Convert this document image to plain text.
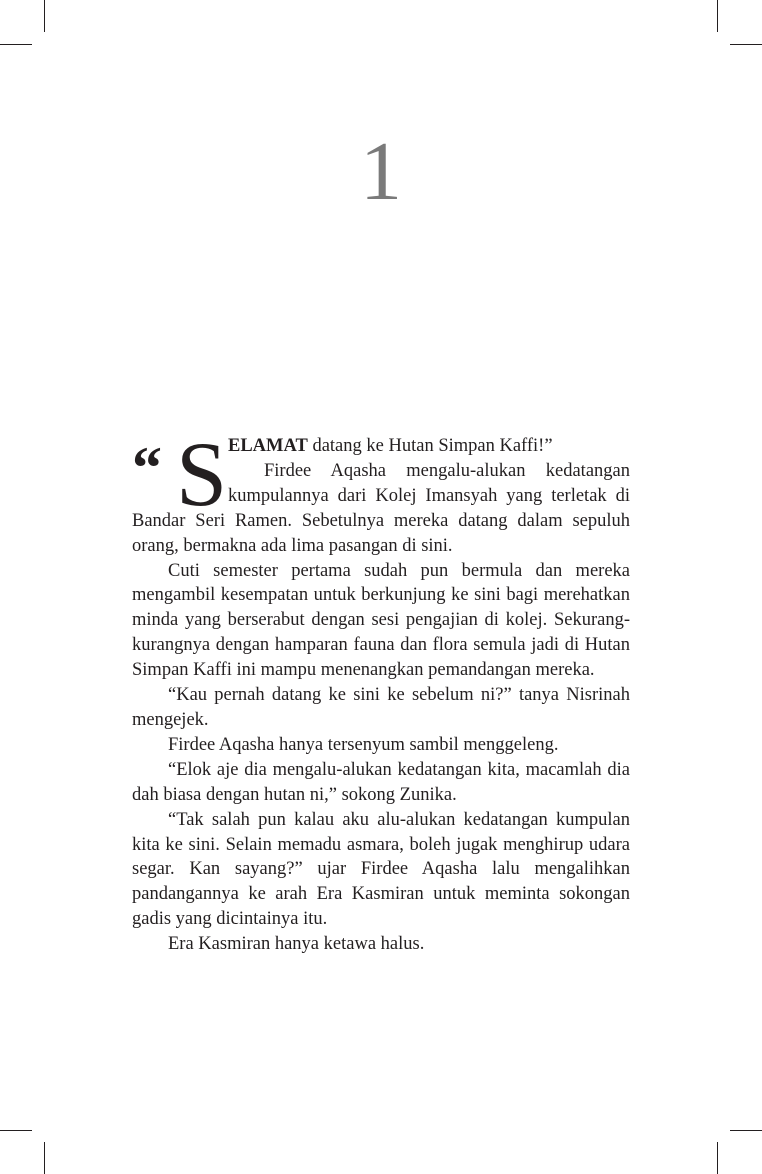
1

“ S ELAMAT datang ke Hutan Simpan Kaffi!”

Firdee Aqasha mengalu-alukan kedatangan kumpulannya dari Kolej Imansyah yang terletak di Bandar Seri Ramen. Sebetulnya mereka datang dalam sepuluh orang, bermakna ada lima pasangan di sini.

Cuti semester pertama sudah pun bermula dan mereka mengambil kesempatan untuk berkunjung ke sini bagi merehatkan minda yang berserabut dengan sesi pengajian di kolej. Sekurang-kurangnya dengan hamparan fauna dan flora semula jadi di Hutan Simpan Kaffi ini mampu menenangkan pemandangan mereka.

“Kau pernah datang ke sini ke sebelum ni?” tanya Nisrinah mengejek.

Firdee Aqasha hanya tersenyum sambil menggeleng.

“Elok aje dia mengalu-alukan kedatangan kita, macamlah dia dah biasa dengan hutan ni,” sokong Zunika.

“Tak salah pun kalau aku alu-alukan kedatangan kumpulan kita ke sini. Selain memadu asmara, boleh jugak menghirup udara segar. Kan sayang?” ujar Firdee Aqasha lalu mengalihkan pandangannya ke arah Era Kasmiran untuk meminta sokongan gadis yang dicintainya itu.

Era Kasmiran hanya ketawa halus.
